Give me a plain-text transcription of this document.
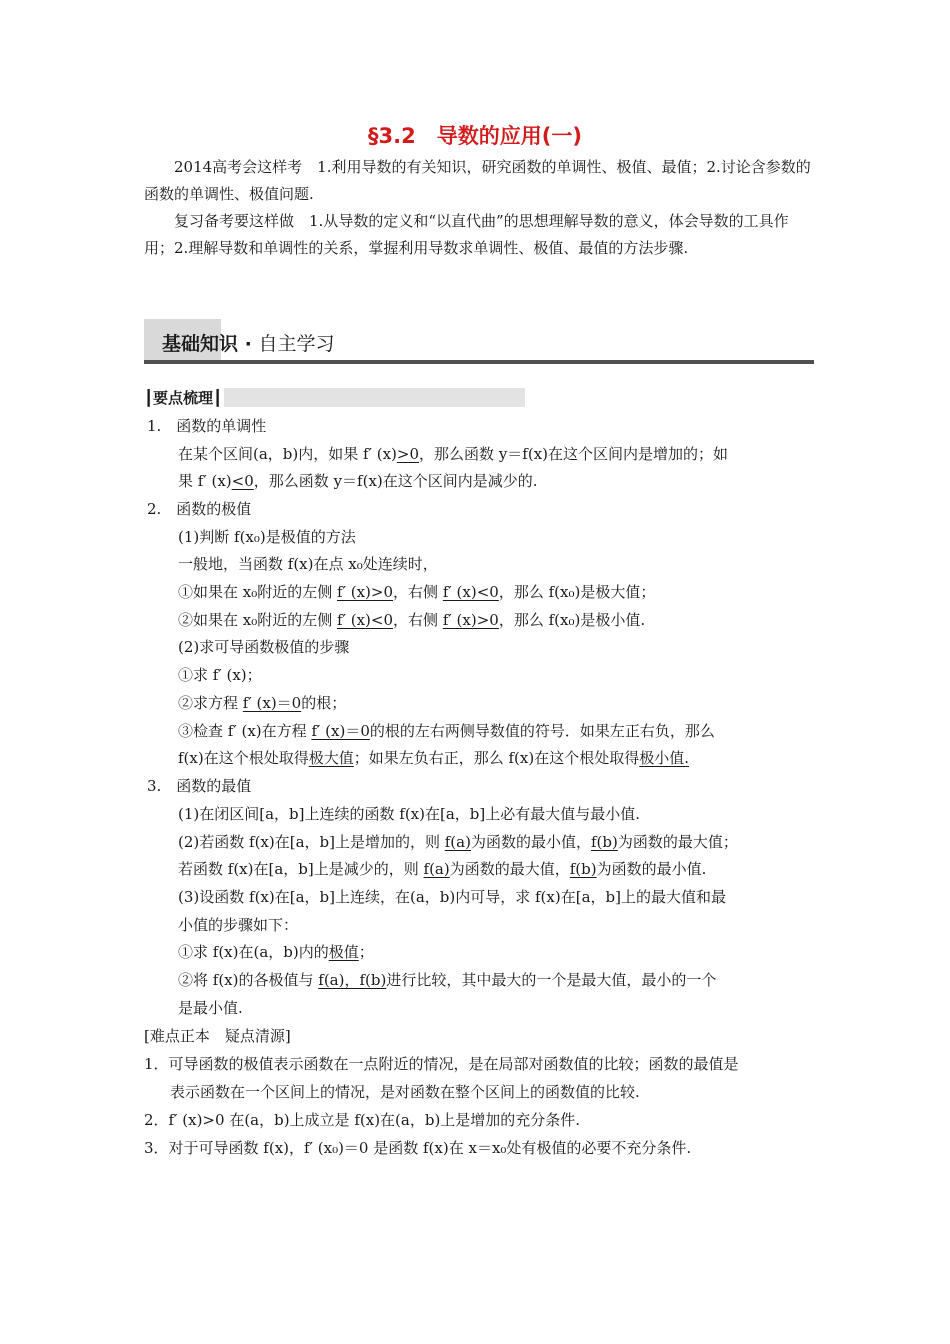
§3.2　导数的应用(一)

2014高考会这样考　1.利用导数的有关知识，研究函数的单调性、极值、最值；2.讨论含参数的函数的单调性、极值问题.

复习备考要这样做　1.从导数的定义和“以直代曲”的思想理解导数的意义，体会导数的工具作用；2.理解导数和单调性的关系，掌握利用导数求单调性、极值、最值的方法步骤.

基础知识 · 自主学习
┃要点梳理┃
1.　函数的单调性
在某个区间(a，b)内，如果 f′ (x)>0，那么函数 y＝f(x)在这个区间内是增加的；如
果 f′ (x)<0，那么函数 y＝f(x)在这个区间内是减少的.
2.　函数的极值
(1)判断 f(x₀)是极值的方法
一般地，当函数 f(x)在点 x₀处连续时，
①如果在 x₀附近的左侧 f′ (x)>0，右侧 f′ (x)<0，那么 f(x₀)是极大值；
②如果在 x₀附近的左侧 f′ (x)<0，右侧 f′ (x)>0，那么 f(x₀)是极小值.
(2)求可导函数极值的步骤
①求 f′ (x)；
②求方程 f′ (x)＝0的根；
③检查 f′ (x)在方程 f′ (x)＝0的根的左右两侧导数值的符号．如果左正右负，那么
f(x)在这个根处取得极大值；如果左负右正，那么 f(x)在这个根处取得极小值.
3.　函数的最值
(1)在闭区间[a，b]上连续的函数 f(x)在[a，b]上必有最大值与最小值.
(2)若函数 f(x)在[a，b]上是增加的，则 f(a)为函数的最小值，f(b)为函数的最大值；
若函数 f(x)在[a，b]上是减少的，则 f(a)为函数的最大值，f(b)为函数的最小值.
(3)设函数 f(x)在[a，b]上连续，在(a，b)内可导，求 f(x)在[a，b]上的最大值和最
小值的步骤如下：
①求 f(x)在(a，b)内的极值；
②将 f(x)的各极值与 f(a)，f(b)进行比较，其中最大的一个是最大值，最小的一个
是最小值.
[难点正本　疑点清源]
1．可导函数的极值表示函数在一点附近的情况，是在局部对函数值的比较；函数的最值是
表示函数在一个区间上的情况，是对函数在整个区间上的函数值的比较.
2．f′ (x)>0 在(a，b)上成立是 f(x)在(a，b)上是增加的充分条件.
3．对于可导函数 f(x)，f′ (x₀)＝0 是函数 f(x)在 x＝x₀处有极值的必要不充分条件.
